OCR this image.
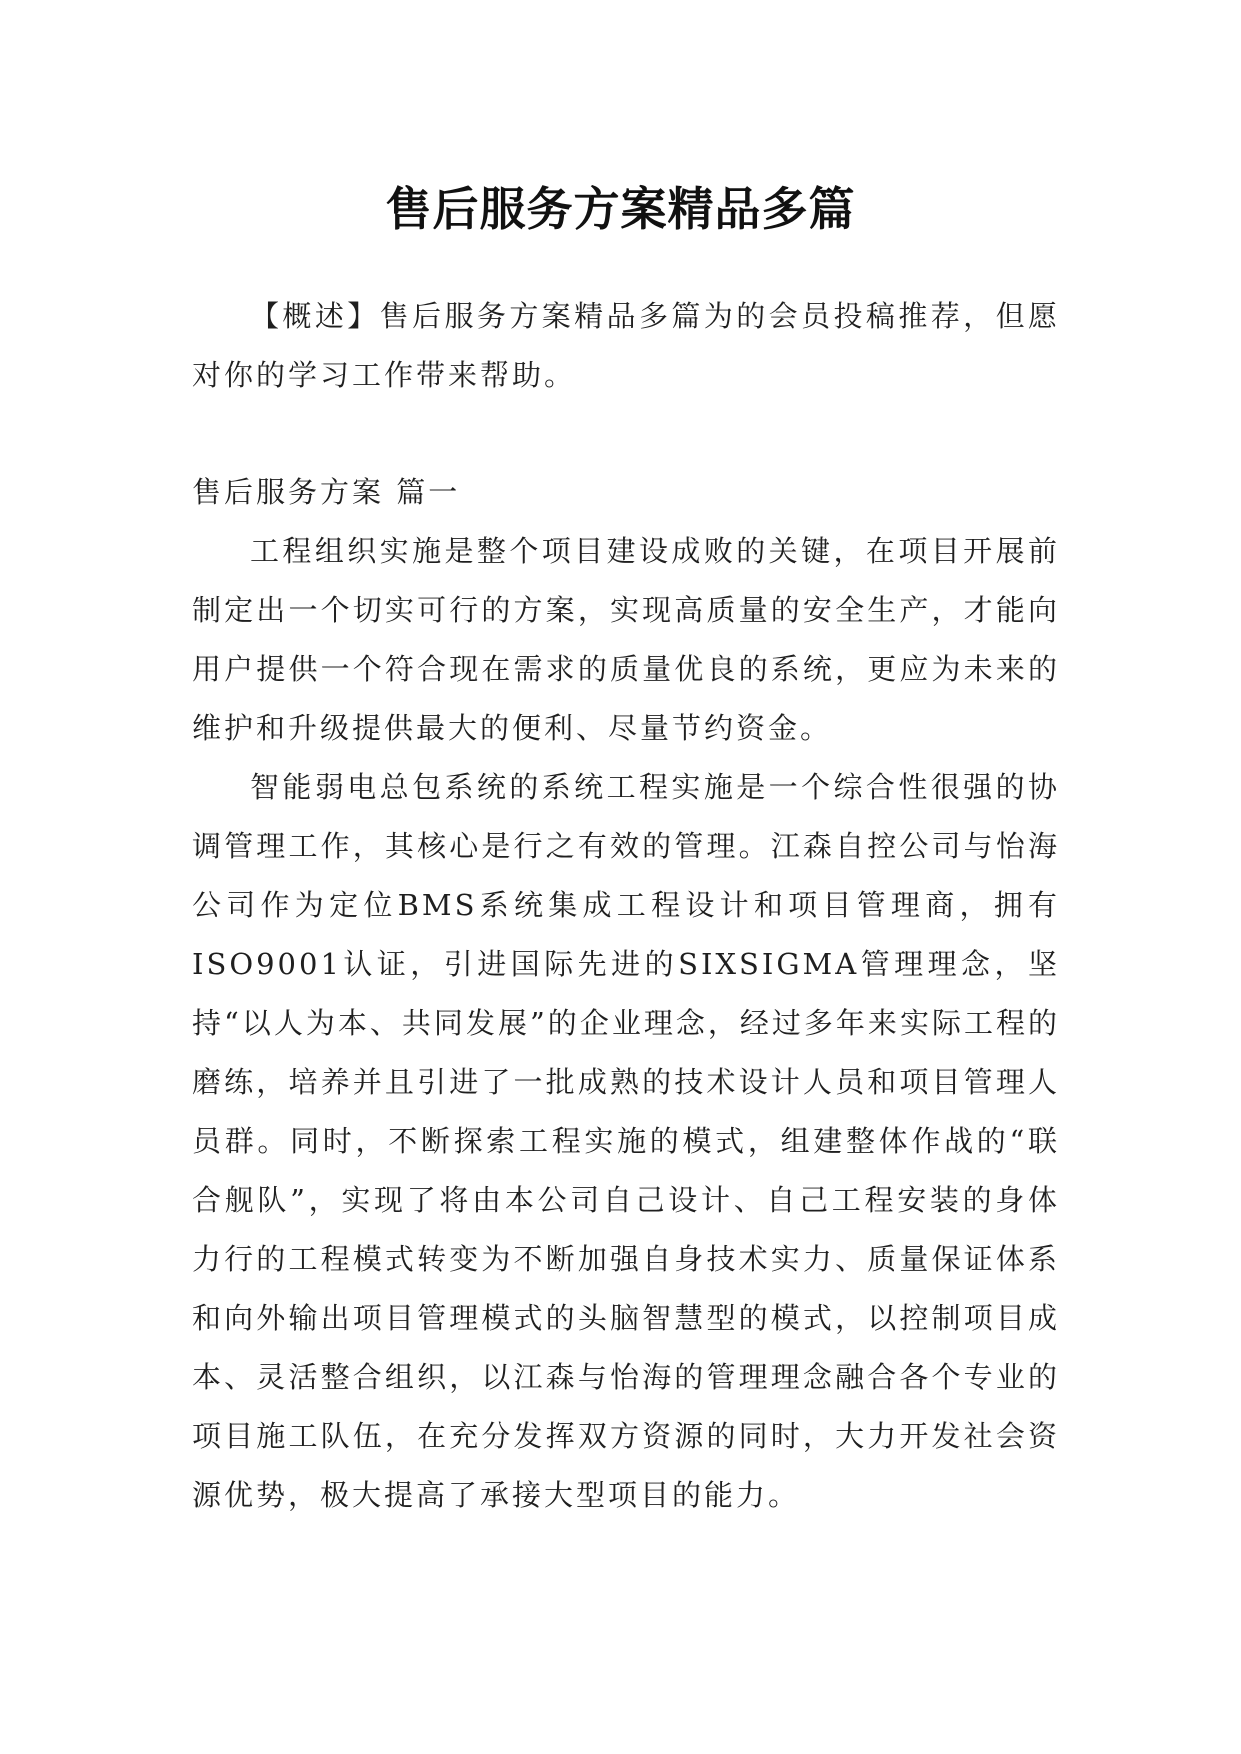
售后服务方案精品多篇

【概述】售后服务方案精品多篇为的会员投稿推荐，但愿对你的学习工作带来帮助。

售后服务方案 篇一

工程组织实施是整个项目建设成败的关键，在项目开展前制定出一个切实可行的方案，实现高质量的安全生产，才能向用户提供一个符合现在需求的质量优良的系统，更应为未来的维护和升级提供最大的便利、尽量节约资金。

智能弱电总包系统的系统工程实施是一个综合性很强的协调管理工作，其核心是行之有效的管理。江森自控公司与怡海公司作为定位BMS系统集成工程设计和项目管理商，拥有ISO9001认证，引进国际先进的SIXSIGMA管理理念，坚持“以人为本、共同发展”的企业理念，经过多年来实际工程的磨练，培养并且引进了一批成熟的技术设计人员和项目管理人员群。同时，不断探索工程实施的模式，组建整体作战的“联合舰队”，实现了将由本公司自己设计、自己工程安装的身体力行的工程模式转变为不断加强自身技术实力、质量保证体系和向外输出项目管理模式的头脑智慧型的模式，以控制项目成本、灵活整合组织，以江森与怡海的管理理念融合各个专业的项目施工队伍，在充分发挥双方资源的同时，大力开发社会资源优势，极大提高了承接大型项目的能力。
